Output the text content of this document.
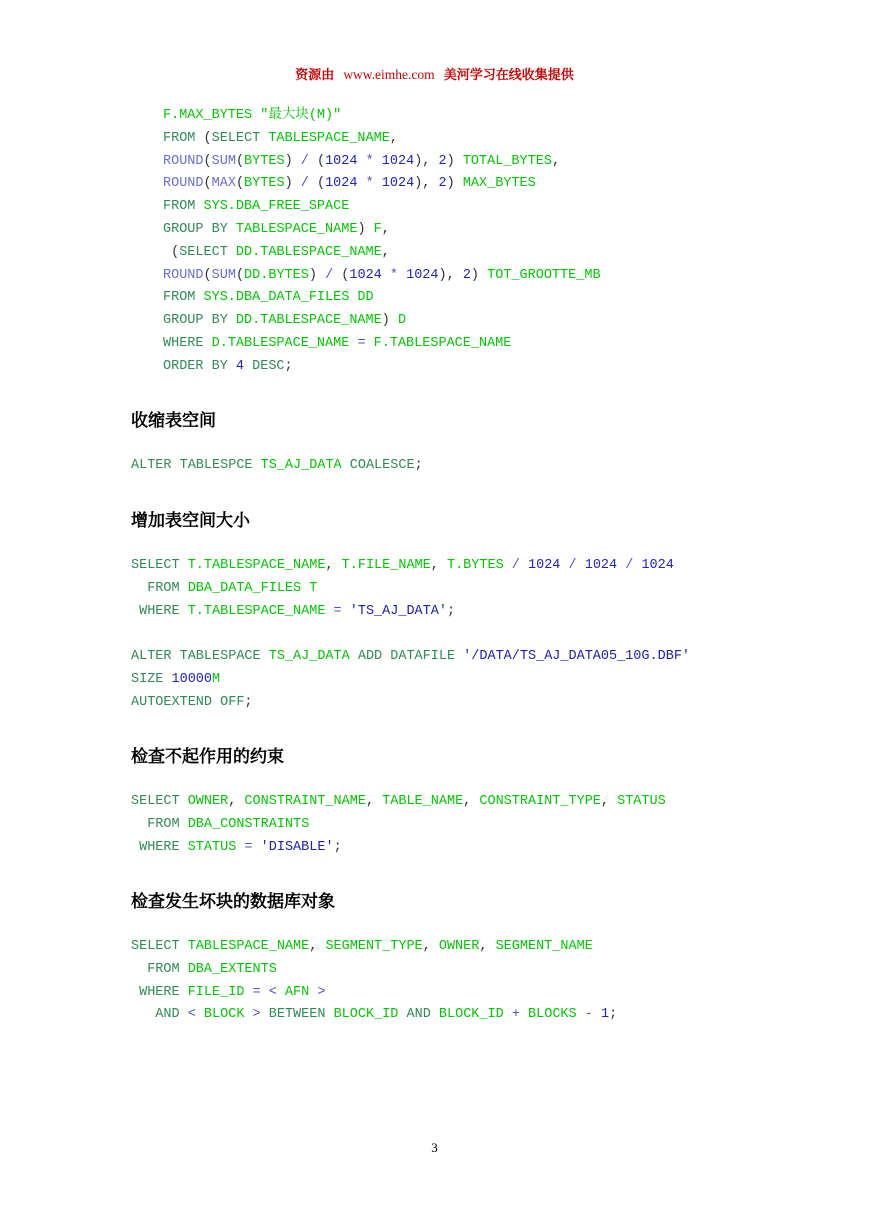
资源由 www.eimhe.com 美河学习在线收集提供
F.MAX_BYTES "最大块(M)"
FROM (SELECT TABLESPACE_NAME,
ROUND(SUM(BYTES) / (1024 * 1024), 2) TOTAL_BYTES,
ROUND(MAX(BYTES) / (1024 * 1024), 2) MAX_BYTES
FROM SYS.DBA_FREE_SPACE
GROUP BY TABLESPACE_NAME) F,
(SELECT DD.TABLESPACE_NAME,
ROUND(SUM(DD.BYTES) / (1024 * 1024), 2) TOT_GROOTTE_MB
FROM SYS.DBA_DATA_FILES DD
GROUP BY DD.TABLESPACE_NAME) D
WHERE D.TABLESPACE_NAME = F.TABLESPACE_NAME
ORDER BY 4 DESC;
收缩表空间
ALTER TABLESPCE TS_AJ_DATA COALESCE;
增加表空间大小
SELECT T.TABLESPACE_NAME, T.FILE_NAME, T.BYTES / 1024 / 1024 / 1024
FROM DBA_DATA_FILES T
WHERE T.TABLESPACE_NAME = 'TS_AJ_DATA';

ALTER TABLESPACE TS_AJ_DATA ADD DATAFILE '/DATA/TS_AJ_DATA05_10G.DBF'
SIZE 10000M
AUTOEXTEND OFF;
检查不起作用的约束
SELECT OWNER, CONSTRAINT_NAME, TABLE_NAME, CONSTRAINT_TYPE, STATUS
FROM DBA_CONSTRAINTS
WHERE STATUS = 'DISABLE';
检查发生坏块的数据库对象
SELECT TABLESPACE_NAME, SEGMENT_TYPE, OWNER, SEGMENT_NAME
FROM DBA_EXTENTS
WHERE FILE_ID = < AFN >
AND < BLOCK > BETWEEN BLOCK_ID AND BLOCK_ID + BLOCKS - 1;
3
